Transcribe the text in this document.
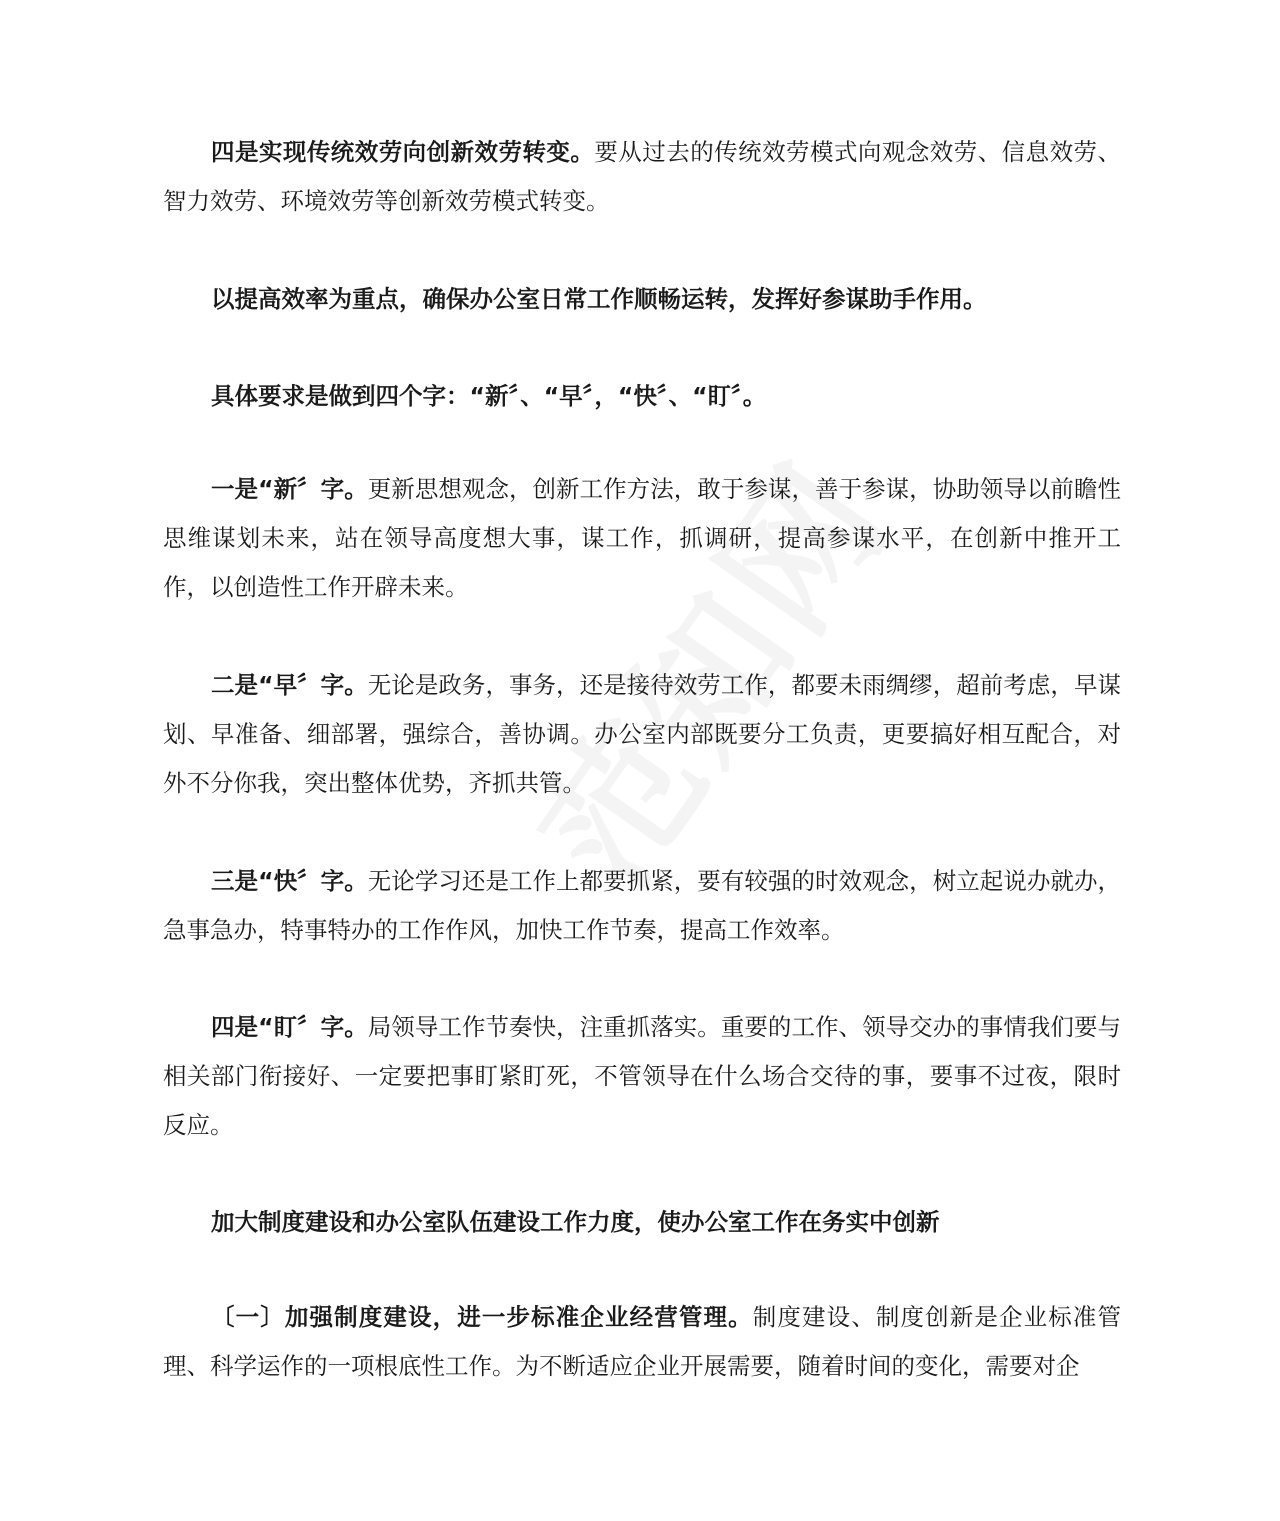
四是实现传统效劳向创新效劳转变。要从过去的传统效劳模式向观念效劳、信息效劳、智力效劳、环境效劳等创新效劳模式转变。

以提高效率为重点，确保办公室日常工作顺畅运转，发挥好参谋助手作用。

具体要求是做到四个字：“新〞、“早〞，“快〞、“盯〞。

一是“新〞字。更新思想观念，创新工作方法，敢于参谋，善于参谋，协助领导以前瞻性思维谋划未来，站在领导高度想大事，谋工作，抓调研，提高参谋水平，在创新中推开工作，以创造性工作开辟未来。

二是“早〞字。无论是政务，事务，还是接待效劳工作，都要未雨绸缪，超前考虑，早谋划、早准备、细部署，强综合，善协调。办公室内部既要分工负责，更要搞好相互配合，对外不分你我，突出整体优势，齐抓共管。

三是“快〞字。无论学习还是工作上都要抓紧，要有较强的时效观念，树立起说办就办，急事急办，特事特办的工作作风，加快工作节奏，提高工作效率。

四是“盯〞字。局领导工作节奏快，注重抓落实。重要的工作、领导交办的事情我们要与相关部门衔接好、一定要把事盯紧盯死，不管领导在什么场合交待的事，要事不过夜，限时反应。

加大制度建设和办公室队伍建设工作力度，使办公室工作在务实中创新

〔一〕加强制度建设，进一步标准企业经营管理。制度建设、制度创新是企业标准管理、科学运作的一项根底性工作。为不断适应企业开展需要，随着时间的变化，需要对企
